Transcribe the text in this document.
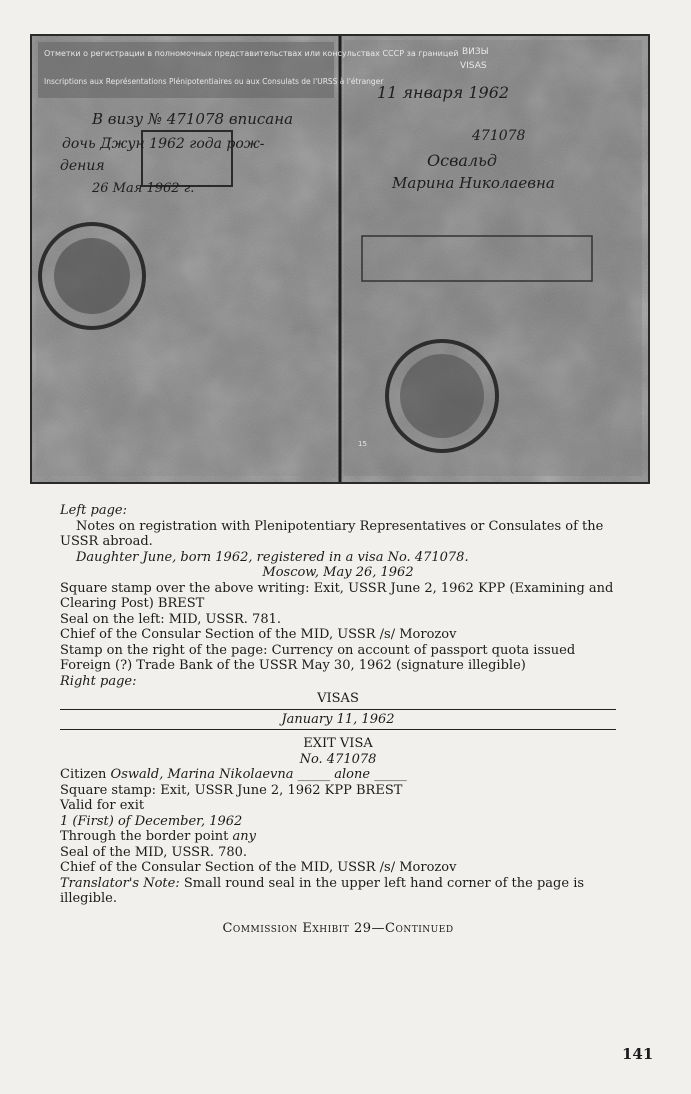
Отметки о регистрации в полномочных представительствах или консульствах СССР за границей
Inscriptions aux Représentations Plénipotentiaires ou aux Consulats de l'URSS à l'étranger
В визу № 471078 вписана
дочь Джун 1962 года рож-
дения
26 Мая 1962 г.
ВИЗЫ
VISAS
11 января 1962
471078
Освальд
Марина Николаевна
15
Left page:
Notes on registration with Plenipotentiary Representatives or Consulates of the USSR abroad.
Daughter June, born 1962, registered in a visa No. 471078.
Moscow, May 26, 1962
Square stamp over the above writing: Exit, USSR June 2, 1962 KPP (Examining and Clearing Post) BREST
Seal on the left: MID, USSR. 781.
Chief of the Consular Section of the MID, USSR /s/ Morozov
Stamp on the right of the page: Currency on account of passport quota issued Foreign (?) Trade Bank of the USSR May 30, 1962 (signature illegible)
Right page:
VISAS
January 11, 1962
EXIT VISA
No. 471078
Citizen Oswald, Marina Nikolaevna _____ alone _____
Square stamp: Exit, USSR June 2, 1962 KPP BREST
Valid for exit
1 (First) of December, 1962
Through the border point any
Seal of the MID, USSR. 780.
Chief of the Consular Section of the MID, USSR /s/ Morozov
Translator's Note: Small round seal in the upper left hand corner of the page is illegible.
Commission Exhibit 29—Continued
141
